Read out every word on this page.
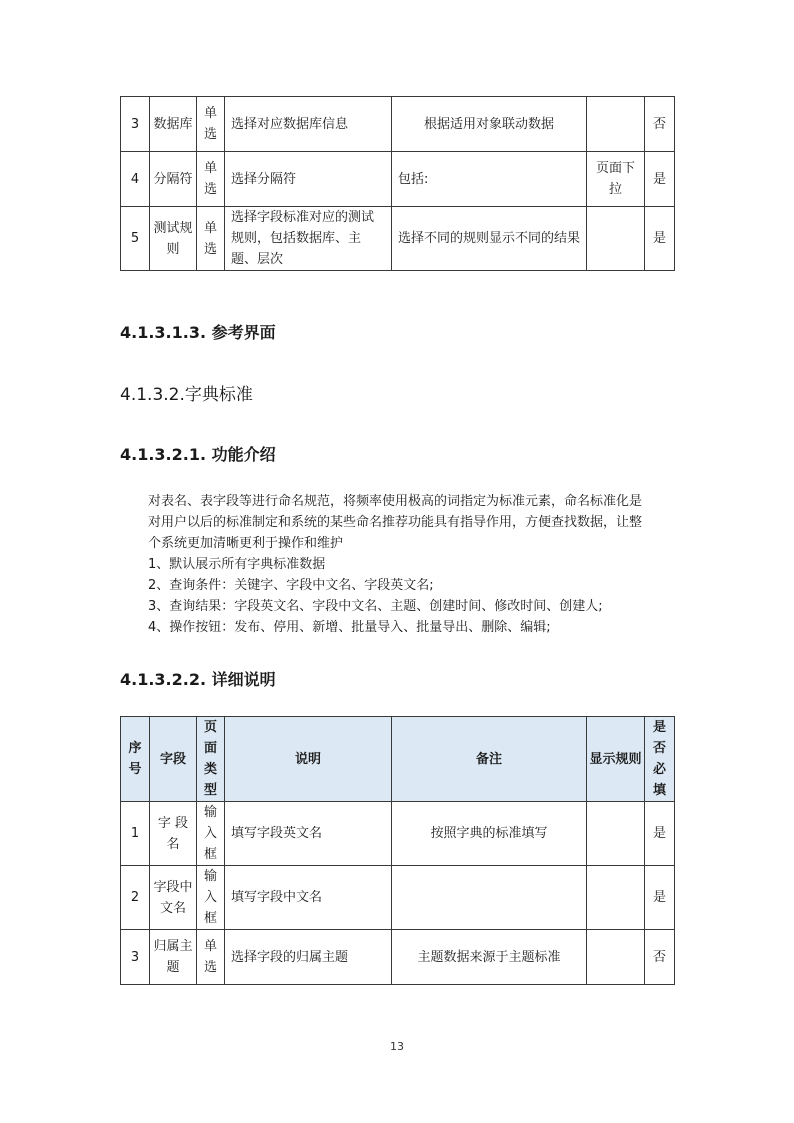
3	数据库	单选	选择对应数据库信息	根据适用对象联动数据		否
4	分隔符	单选	选择分隔符	包括:	页面下拉	是
5	测试规则	单选	选择字段标准对应的测试规则，包括数据库、主题、层次	选择不同的规则显示不同的结果		是
4.1.3.1.3. 参考界面
4.1.3.2.字典标准
4.1.3.2.1. 功能介绍

对表名、表字段等进行命名规范，将频率使用极高的词指定为标准元素，命名标准化是对用户以后的标准制定和系统的某些命名推荐功能具有指导作用，方便查找数据，让整个系统更加清晰更利于操作和维护

1、默认展示所有字典标准数据

2、查询条件：关键字、字段中文名、字段英文名;

3、查询结果：字段英文名、字段中文名、主题、创建时间、修改时间、创建人;

4、操作按钮：发布、停用、新增、批量导入、批量导出、删除、编辑;

4.1.3.2.2. 详细说明
序号	字段	页面类型	说明	备注	显示规则	是否必填
1	字 段名	输入框	填写字段英文名	按照字典的标准填写		是
2	字段中文名	输入框	填写字段中文名			是
3	归属主题	单选	选择字段的归属主题	主题数据来源于主题标准		否
13
